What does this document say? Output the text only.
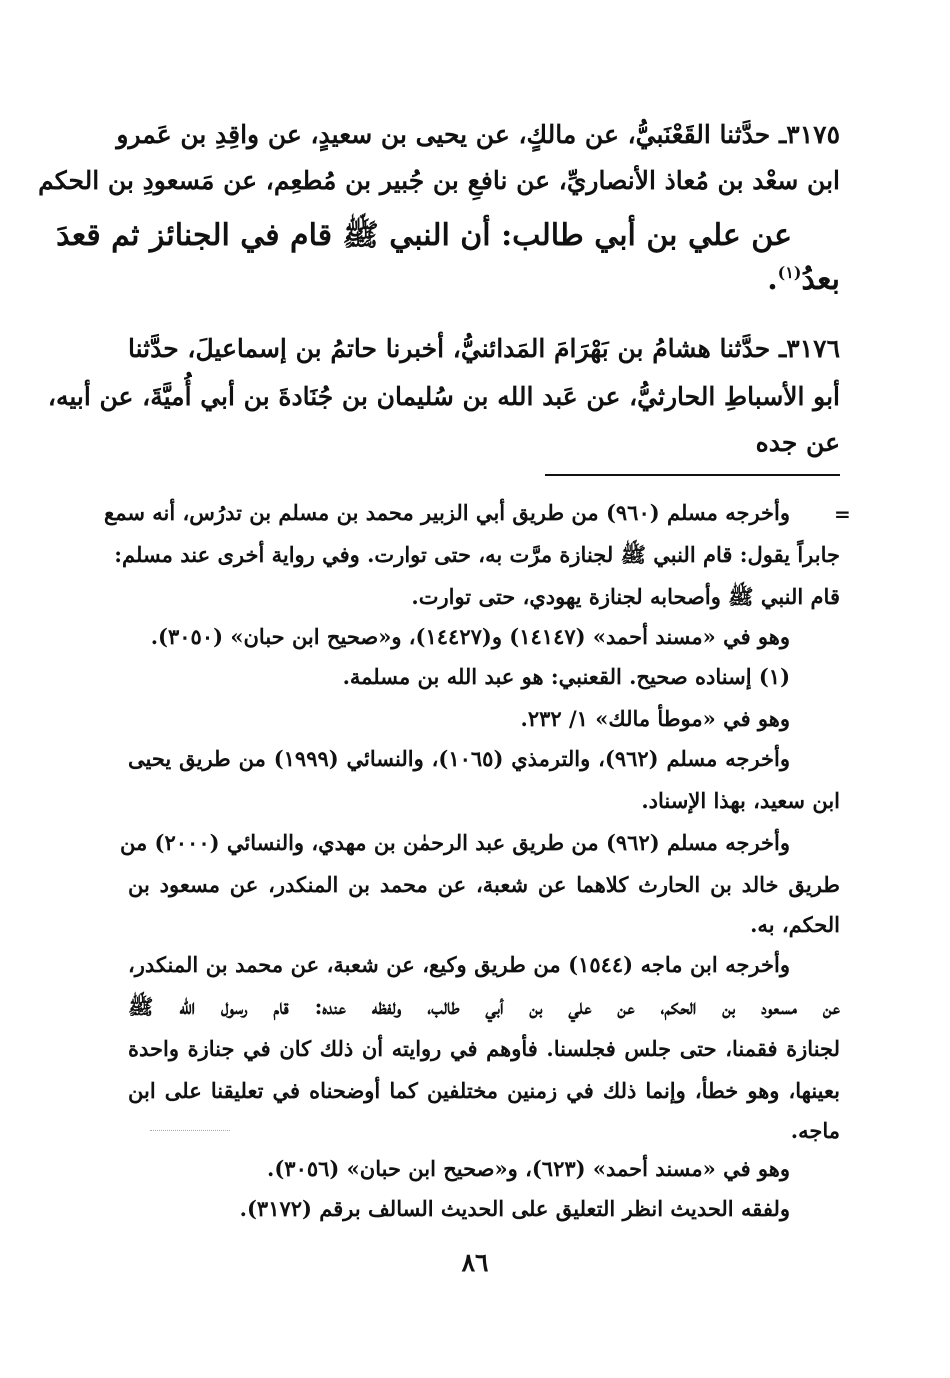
٣١٧٥ـ حدَّثنا القَعْنَبيُّ، عن مالكٍ، عن يحيى بن سعيدٍ، عن واقِدِ بن عَمرو
ابن سعْد بن مُعاذ الأنصاريِّ، عن نافعِ بن جُبير بن مُطعِم، عن مَسعودِ بن الحكم
عن علي بن أبي طالب: أن النبي ﷺ قام في الجنائز ثم قعدَ
بعدُ$^{(١)}$.
٣١٧٦ـ حدَّثنا هشامُ بن بَهْرَامَ المَدائنيُّ، أخبرنا حاتمُ بن إسماعيلَ، حدَّثنا
أبو الأسباطِ الحارثيُّ، عن عَبد الله بن سُليمان بن جُنَادةَ بن أبي أُميَّةَ، عن أبيه،
عن جده
=
وأخرجه مسلم (٩٦٠) من طريق أبي الزبير محمد بن مسلم بن تدرُس، أنه سمع
جابراً يقول: قام النبي ﷺ لجنازة مرَّت به، حتى توارت. وفي رواية أخرى عند مسلم:
قام النبي ﷺ وأصحابه لجنازة يهودي، حتى توارت.
وهو في «مسند أحمد» (١٤١٤٧) و(١٤٤٢٧)، و«صحيح ابن حبان» (٣٠٥٠).
(١) إسناده صحيح. القعنبي: هو عبد الله بن مسلمة.
وهو في «موطأ مالك» ١/ ٢٣٢.
وأخرجه مسلم (٩٦٢)، والترمذي (١٠٦٥)، والنسائي (١٩٩٩) من طريق يحيى
ابن سعيد، بهذا الإسناد.
وأخرجه مسلم (٩٦٢) من طريق عبد الرحمٰن بن مهدي، والنسائي (٢٠٠٠) من
طريق خالد بن الحارث كلاهما عن شعبة، عن محمد بن المنكدر، عن مسعود بن
الحكم، به.
وأخرجه ابن ماجه (١٥٤٤) من طريق وكيع، عن شعبة، عن محمد بن المنكدر،
عن مسعود بن الحكم، عن علي بن أبي طالب، ولفظه عنده: قام رسول الله ﷺ
لجنازة فقمنا، حتى جلس فجلسنا. فأوهم في روايته أن ذلك كان في جنازة واحدة
بعينها، وهو خطأ، وإنما ذلك في زمنين مختلفين كما أوضحناه في تعليقنا على ابن
ماجه.
وهو في «مسند أحمد» (٦٢٣)، و«صحيح ابن حبان» (٣٠٥٦).
ولفقه الحديث انظر التعليق على الحديث السالف برقم (٣١٧٢).
٨٦
